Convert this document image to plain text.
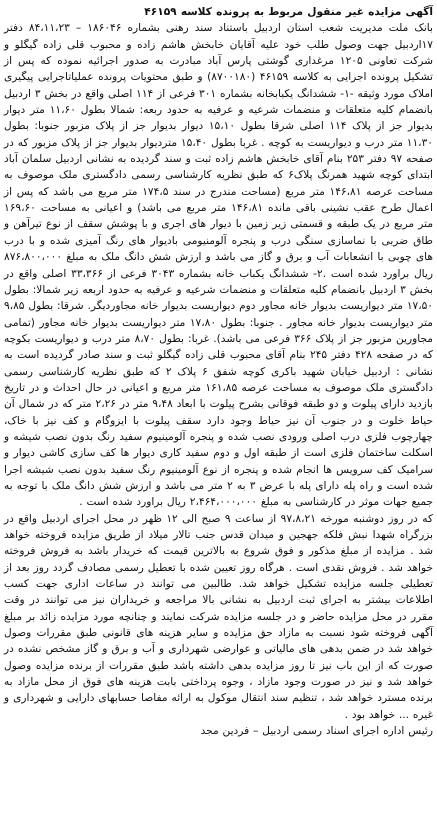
آگهی مزایده غیر منقول مربوط به پرونده کلاسه ۴۶۱۵۹

بانک ملت مدیریت شعب استان اردبیل باستناد سند رهنی بشماره ۱۸۶۰۴۶ – ۸۴،۱۱،۲۳ دفتر ۱۷اردبیل جهت وصول طلب خود علیه آقایان خابخش هاشم زاده و محبوب قلی زاده گیگلو و شرکت تعاونی ۱۲۰۵ مرغداری گوشتی پارس آباد مبادرت به صدور اجرائیه نموده که پس از تشکیل پرونده اجرایی به کلاسه ۴۶۱۵۹ (۸۷۰۰۱۸۰) و طبق محتویات پرونده عملیاتاجرایی پیگیری املاک مورد وثیقه -۱- ششدانگ یکبابخانه بشماره ۳۰۱ فرعی از ۱۱۴ اصلی واقع در بخش ۳ اردبیل بانضمام کلیه متعلقات و منضمات شرعیه و عرفیه به حدود ربعه: شمالا بطول ۱۱،۶۰ متر دیوار بدیوار جز از پلاک ۱۱۴ اصلی شرقا بطول ۱۵،۱۰ دیوار بدیوار جز از پلاک مزبور جنوبا: بطول ۱۱،۳۰ متر درب و دیواریست به کوچه . غربا بطول ۱۵،۴۰ متردیوار بدیوار جز از پلاک مزبور که در صفحه ۹۷ دفتر ۲۵۳ بنام آقای خابخش هاشم زاده ثبت و سند گردیده به نشانی اردبیل سلمان آباد ابتدای کوچه شهید همرنگ پلاک۶ که طبق نظریه کارشناسی رسمی دادگستری ملک موصوف به مساحت عرصه ۱۴۶،۸۱ متر مربع (مساحت مندرج در سند ۱۷۴،۵ متر مربع می باشد که پس از اعمال طرح عقب نشینی باقی مانده ۱۴۶،۸۱ متر مربع می باشد) و اعیانی به مساحت ۱۶۹،۶۰ متر مربع در یک طبقه و قسمتی زیر زمین با دیوار های اجری و با پوشش سقف از نوع تیرآهن و طاق ضربی با نماسازی سنگی درب و پنجره آلومنیومی بادیوار های رنگ آمیزی شده و با درب های چوبی با انشعابات آب و برق و گاز می باشد و ارزش شش دانگ ملک به مبلغ ۸۷۶،۸۰۰،۰۰۰ ریال براورد شده است .۲- ششدانگ یکباب خانه بشماره ۳۰۴۳ فرعی از ۳۳،۳۶۶ اصلی واقع در بخش ۳ اردبیل بانضمام کلیه متعلقات و منضمات شرعیه و عرفیه به حدود اربعه زیر شمالا: بطول ۱۷،۵۰ متر دیواریست بدیوار خانه مجاور دوم دیواریست بدیوار خانه مجاوردیگر. شرقا: بطول ۹،۸۵ متر دیواریست بدیوار خانه مجاور . جنوبا: بطول ۱۷،۸۰ متر دیواریست بدیوار خانه مجاور (تمامی مجاورین مزبور جز از پلاک ۳۶۶ فرعی می باشد). غربا: بطول ۸،۷۰ متر درب و دیواریست بکوچه که در صفحه ۴۲۸ دفتر ۲۴۵ بنام آقای محبوب قلی زاده گیگلو ثبت و سند صادر گردیده است به نشانی : اردبیل خیابان شهید باکری کوچه شفق ۶ پلاک ۲ که طبق نظریه کارشناسی رسمی دادگستری ملک موصوف به مساحت عرصه ۱۶۱،۸۵ متر مربع و اعیانی در حال احداث و در تاریخ بازدید دارای پیلوت و دو طبقه فوقانی بشرح پیلوت با ابعاد ۹،۴۸ متر در ۲،۲۶ متر که در شمال آن حیاط خلوت و در جنوب آن نیز حیاط وجود دارد سقف پیلوت با ایزوگام و کف نیز با خاک، چهارچوب فلزی درب اصلی ورودی نصب شده و پنجره آلومینیوم سفید رنگ بدون نصب شیشه و اسکلت ساختمان فلزی است از طبقه اول و دوم سفید کاری دیوار ها کف سازی کاشی دیوار و سرامیک کف سرویس ها انجام شده و پنجره از نوع آلومینیوم رنگ سفید بدون نصب شیشه اجرا شده است و راه پله دارای پله با عرض ۳ به ۲ متر می باشد و ارزش شش دانگ ملک با توجه به جمیع جهات موثر در کارشناسی به مبلغ ۲،۴۶۴،۰۰۰،۰۰۰ ریال براورد شده است .

که در روز دوشنبه مورخه ۹۷،۸،۲۱ از ساعت ۹ صبح الی ۱۲ ظهر در محل اجرای اردبیل واقع در بزرگراه شهدا نبش فلکه جهجین و میدان قدس جنب تالار میلاد از طریق مزایده فروخته خواهد شد . مزایده از مبلغ مذکور و فوق شروع به بالاترین قیمت که خریدار باشد به فروش فروخته خواهد شد . فروش نقدی است . هرگاه روز تعیین شده با تعطیل رسمی مصادف گردد روز بعد از تعطیلی جلسه مزایده تشکیل خواهد شد. طالبین می توانند در ساعات اداری جهت کسب اطلاعات بیشتر به اجرای ثبت اردبیل به نشانی بالا مراجعه و خریداران نیز می توانند در وقت مقرر در محل مزایده حاضر و در جلسه مزایده شرکت نمایند و چنانچه مورد مزایده زائد بر مبلغ آگهی فروخته شود نسبت به مازاد حق مزایده و سایر هزینه های قانونی طبق مقررات وصول خواهد شد در ضمن بدهی های مالیاتی و عوارضی شهرداری و آب و برق و گاز مشخص نشده در صورت که از این باب نیز تا روز مزایده بدهی داشته باشد طبق مقررات از برنده مزایده وصول خواهد شد و نیز در صورت وجود مازاد ، وجوه پرداختی بابت هزینه های فوق از محل مازاد به برنده مسترد خواهد شد ، تنظیم سند انتقال موکول به ارائه مفاصا حسابهای دارایی و شهرداری و غیره ... خواهد بود .

رئیس اداره اجرای اسناد رسمی اردبیل – فردین مجد
